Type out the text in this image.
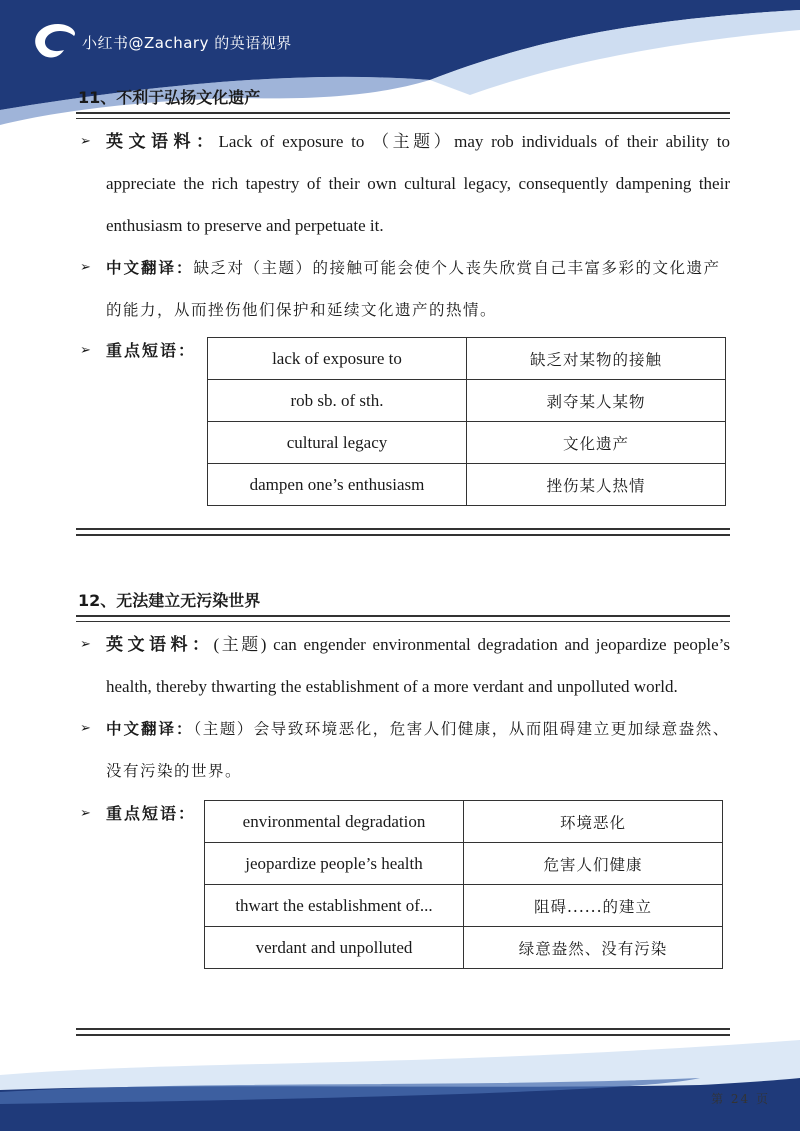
小红书@Zachary 的英语视界
11、不利于弘扬文化遗产
➢ 英文语料：Lack of exposure to （主题）may rob individuals of their ability to appreciate the rich tapestry of their own cultural legacy, consequently dampening their enthusiasm to preserve and perpetuate it.
➢ 中文翻译：缺乏对（主题）的接触可能会使个人丧失欣赏自己丰富多彩的文化遗产的能力，从而挫伤他们保护和延续文化遗产的热情。
➢ 重点短语：	lack of exposure to	缺乏对某物的接触
rob sb. of sth.	剥夺某人某物
cultural legacy	文化遗产
dampen one’s enthusiasm	挫伤某人热情
12、无法建立无污染世界
➢ 英文语料：(主题) can engender environmental degradation and jeopardize people’s health, thereby thwarting the establishment of a more verdant and unpolluted world.
➢ 中文翻译：（主题）会导致环境恶化，危害人们健康，从而阻碍建立更加绿意盎然、没有污染的世界。
➢ 重点短语：	environmental degradation	环境恶化
jeopardize people’s health	危害人们健康
thwart the establishment of...	阻碍......的建立
verdant and unpolluted	绿意盎然、没有污染
第 24 页
